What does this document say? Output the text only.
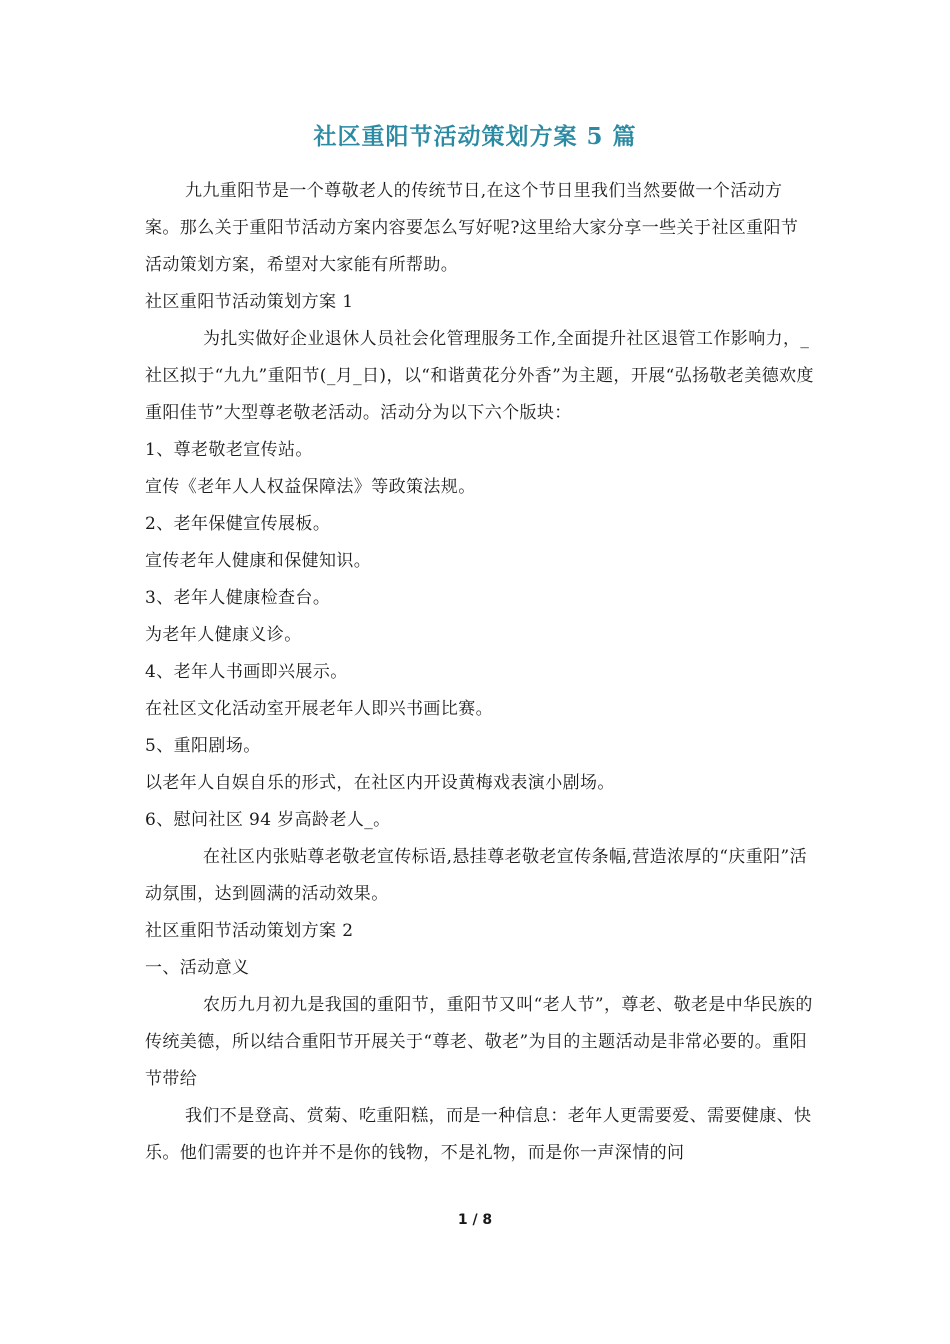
社区重阳节活动策划方案 5 篇

九九重阳节是一个尊敬老人的传统节日,在这个节日里我们当然要做一个活动方案。那么关于重阳节活动方案内容要怎么写好呢?这里给大家分享一些关于社区重阳节活动策划方案，希望对大家能有所帮助。

社区重阳节活动策划方案 1

为扎实做好企业退休人员社会化管理服务工作,全面提升社区退管工作影响力，_社区拟于“九九”重阳节(_月_日)，以“和谐黄花分外香”为主题，开展“弘扬敬老美德欢度重阳佳节”大型尊老敬老活动。活动分为以下六个版块：

1、尊老敬老宣传站。

宣传《老年人人权益保障法》等政策法规。

2、老年保健宣传展板。

宣传老年人健康和保健知识。

3、老年人健康检查台。

为老年人健康义诊。

4、老年人书画即兴展示。

在社区文化活动室开展老年人即兴书画比赛。

5、重阳剧场。

以老年人自娱自乐的形式，在社区内开设黄梅戏表演小剧场。

6、慰问社区 94 岁高龄老人_。

在社区内张贴尊老敬老宣传标语,悬挂尊老敬老宣传条幅,营造浓厚的“庆重阳”活动氛围，达到圆满的活动效果。

社区重阳节活动策划方案 2

一、活动意义

农历九月初九是我国的重阳节，重阳节又叫“老人节”，尊老、敬老是中华民族的传统美德，所以结合重阳节开展关于“尊老、敬老”为目的主题活动是非常必要的。重阳节带给

我们不是登高、赏菊、吃重阳糕，而是一种信息：老年人更需要爱、需要健康、快乐。他们需要的也许并不是你的钱物，不是礼物，而是你一声深情的问

1 / 8
